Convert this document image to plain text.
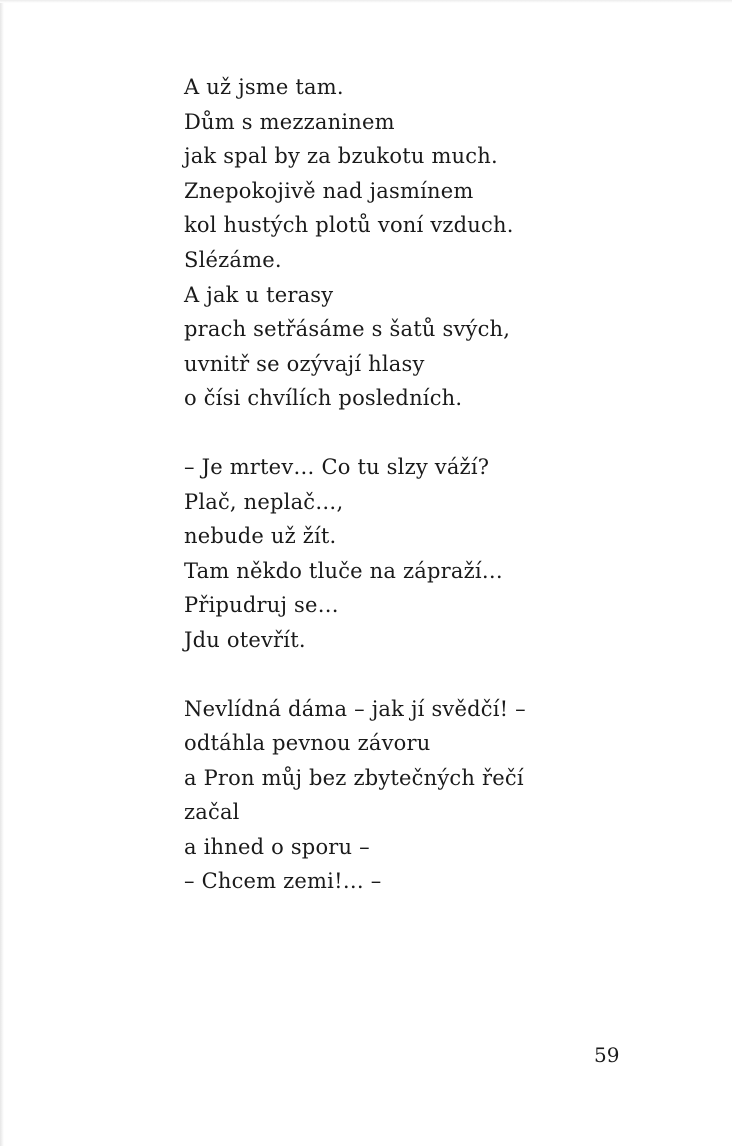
A už jsme tam.
Dům s mezzaninem
jak spal by za bzukotu much.
Znepokojivě nad jasmínem
kol hustých plotů voní vzduch.
Slézáme.
A jak u terasy
prach setřásáme s šatů svých,
uvnitř se ozývají hlasy
o čísi chvílích posledních.
– Je mrtev… Co tu slzy váží?
Plač, neplač…,
nebude už žít.
Tam někdo tluče na zápraží…
Připudruj se…
Jdu otevřít.
Nevlídná dáma – jak jí svědčí! –
odtáhla pevnou závoru
a Pron můj bez zbytečných řečí
začal
a ihned o sporu –
– Chcem zemi!… –
59
